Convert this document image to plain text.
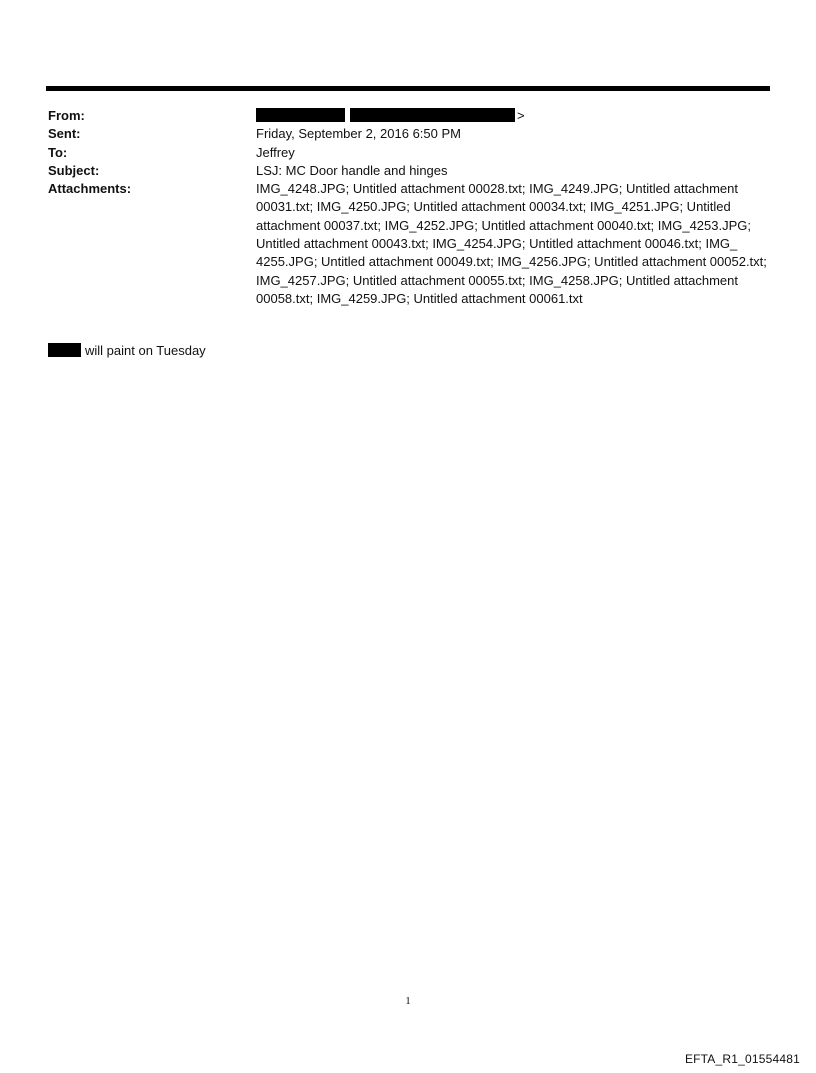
From:	>
Sent:	Friday, September 2, 2016 6:50 PM
To:	Jeffrey
Subject:	LSJ: MC Door handle and hinges
Attachments:	IMG_4248.JPG; Untitled attachment 00028.txt; IMG_4249.JPG; Untitled attachment 00031.txt; IMG_4250.JPG; Untitled attachment 00034.txt; IMG_4251.JPG; Untitled attachment 00037.txt; IMG_4252.JPG; Untitled attachment 00040.txt; IMG_4253.JPG; Untitled attachment 00043.txt; IMG_4254.JPG; Untitled attachment 00046.txt; IMG_ 4255.JPG; Untitled attachment 00049.txt; IMG_4256.JPG; Untitled attachment 00052.txt; IMG_4257.JPG; Untitled attachment 00055.txt; IMG_4258.JPG; Untitled attachment 00058.txt; IMG_4259.JPG; Untitled attachment 00061.txt
will paint on Tuesday
1
EFTA_R1_01554481
